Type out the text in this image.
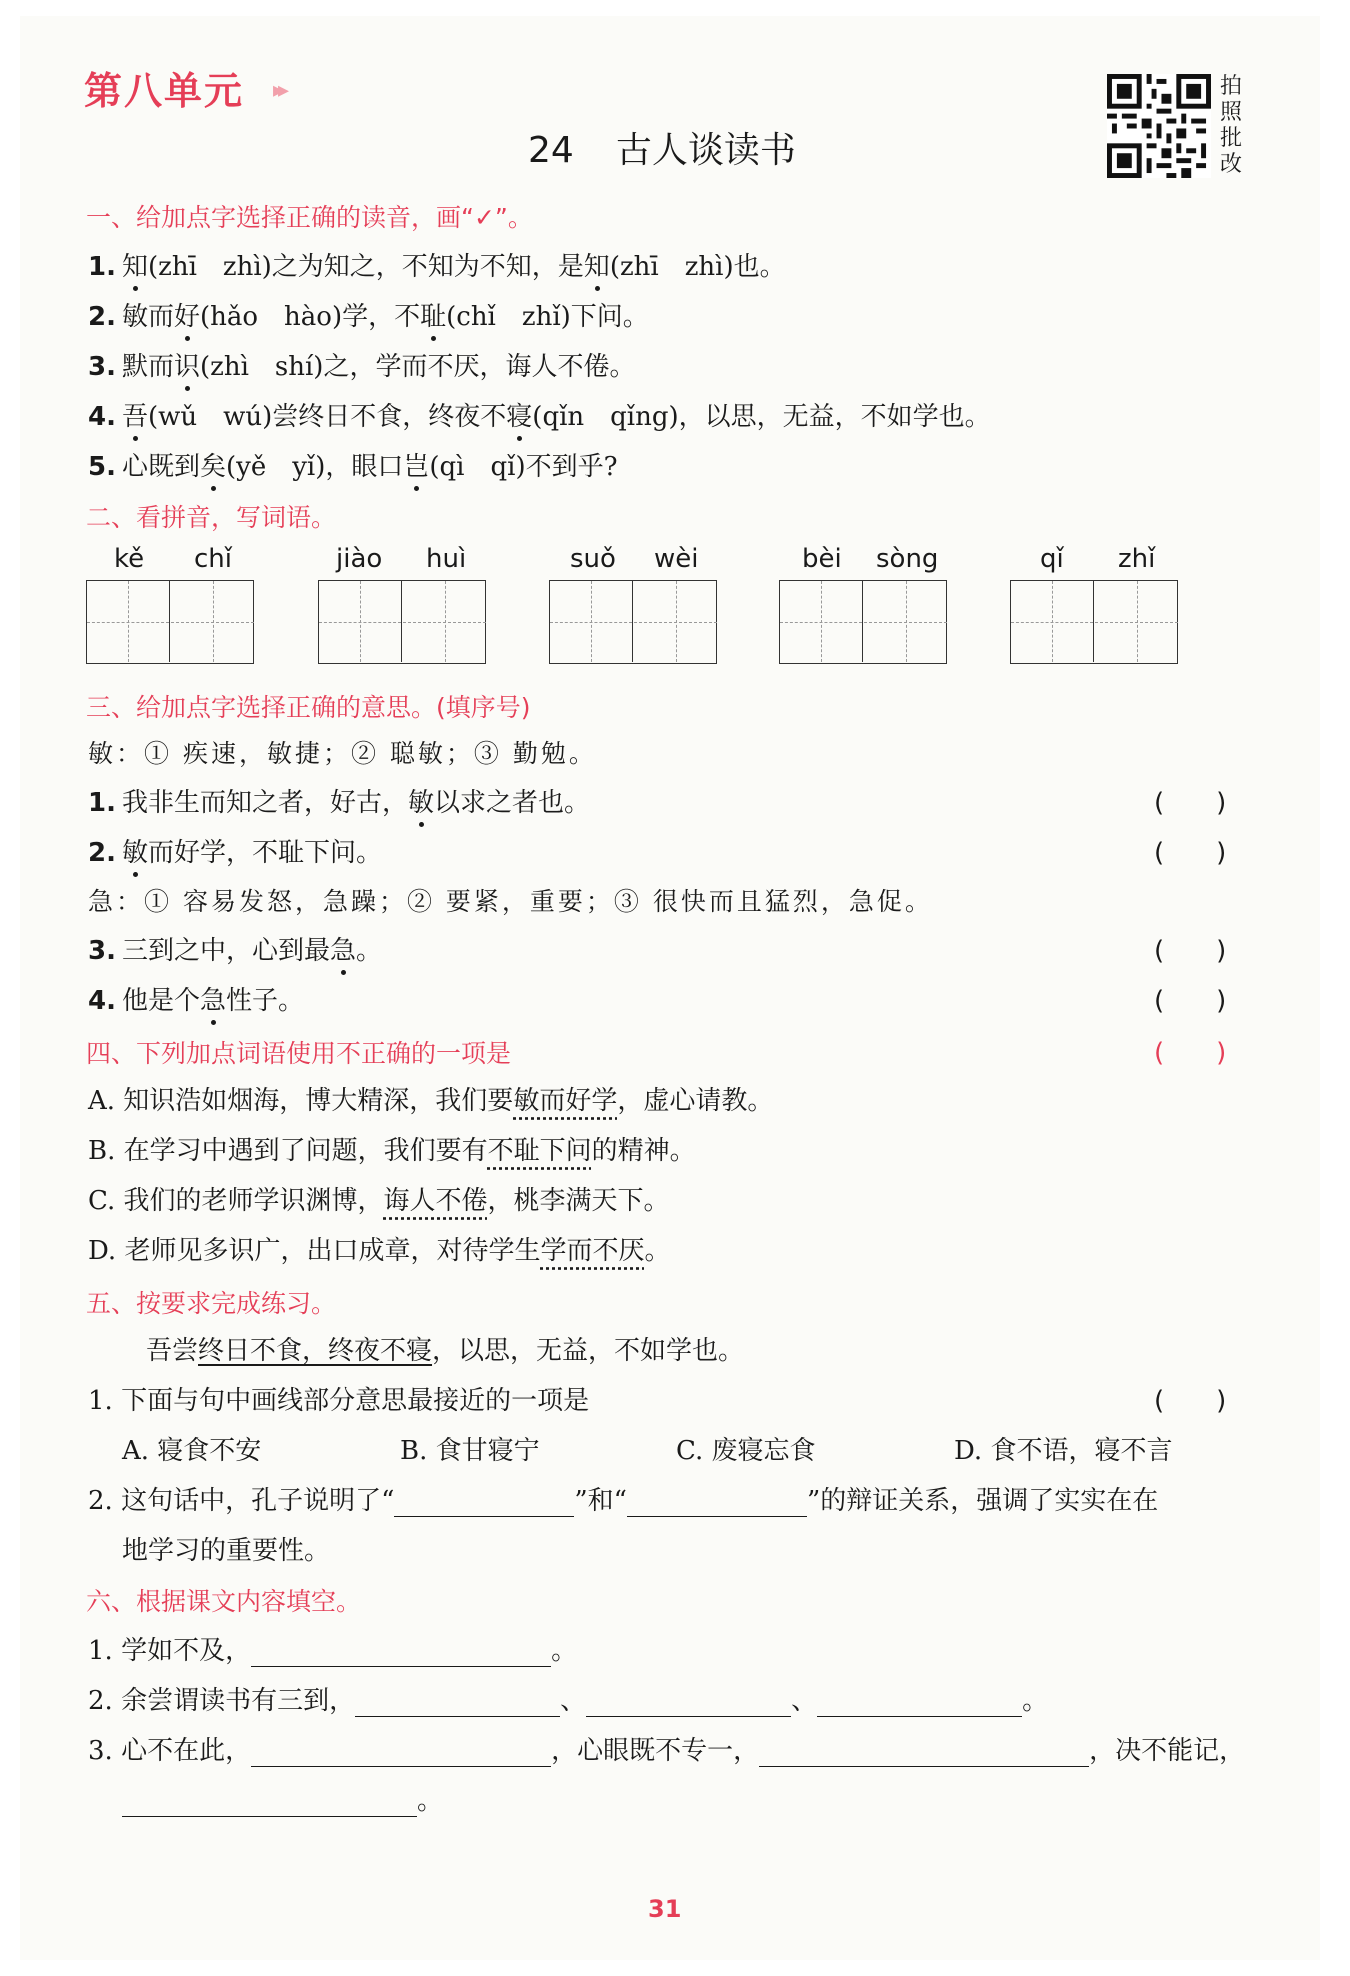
第八单元 ▸▸
24 古人谈读书
拍照批改
一、给加点字选择正确的读音，画“✓”。
1. 知(zhī　zhì)之为知之，不知为不知，是知(zhī　zhì)也。
2. 敏而好(hǎo　hào)学，不耻(chǐ　zhǐ)下问。
3. 默而识(zhì　shí)之，学而不厌，诲人不倦。
4. 吾(wǔ　wú)尝终日不食，终夜不寝(qǐn　qǐng)，以思，无益，不如学也。
5. 心既到矣(yě　yǐ)，眼口岂(qì　qǐ)不到乎?
二、看拼音，写词语。
kě chǐ	jiào huì	suǒ wèi	bèi sòng	qǐ zhǐ
三、给加点字选择正确的意思。(填序号)
敏：① 疾速，敏捷；② 聪敏；③ 勤勉。
1. 我非生而知之者，好古，敏以求之者也。	(　　)
2. 敏而好学，不耻下问。	(　　)
急：① 容易发怒，急躁；② 要紧，重要；③ 很快而且猛烈，急促。
3. 三到之中，心到最急。	(　　)
4. 他是个急性子。	(　　)
四、下列加点词语使用不正确的一项是	(　　)
A. 知识浩如烟海，博大精深，我们要敏而好学，虚心请教。
B. 在学习中遇到了问题，我们要有不耻下问的精神。
C. 我们的老师学识渊博，诲人不倦，桃李满天下。
D. 老师见多识广，出口成章，对待学生学而不厌。
五、按要求完成练习。
吾尝终日不食，终夜不寝，以思，无益，不如学也。
1. 下面与句中画线部分意思最接近的一项是	(　　)
A. 寝食不安	B. 食甘寝宁	C. 废寝忘食	D. 食不语，寝不言
2. 这句话中，孔子说明了“	”和“	”的辩证关系，强调了实实在在
地学习的重要性。
六、根据课文内容填空。
1. 学如不及，	。
2. 余尝谓读书有三到，	、	、	。
3. 心不在此，	，心眼既不专一，	，决不能记，
。
31
